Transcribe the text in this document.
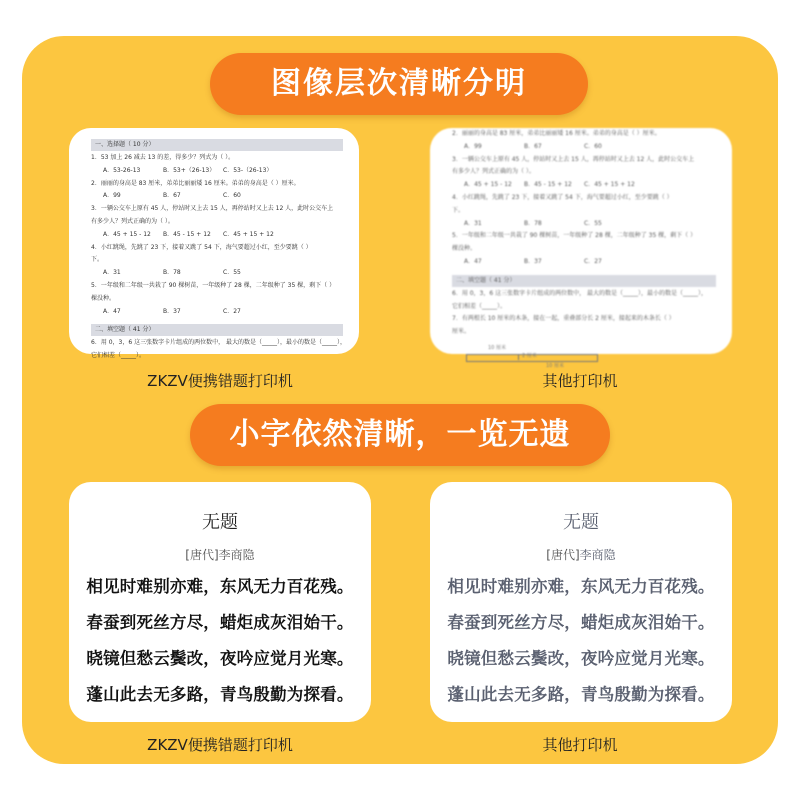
图像层次清晰分明
一、选择题（ 10 分）
1．53 加上 26 减去 13 的差，得多少？列式为（ ）。
A．53-26-13	B．53+（26-13）	C．53-（26-13）
2．丽丽的身高是 83 厘米，弟弟比丽丽矮 16 厘米。弟弟的身高是（ ）厘米。
A．99	B．67	C．60
3．一辆公交车上原有 45 人，停站时又上去 15 人，再停站时又上去 12 人，此时公交车上
有多少人？列式正确的为（ ）。
A．45 + 15 - 12	B．45 - 15 + 12	C．45 + 15 + 12
4．小红跳绳，先跳了 23 下，接着又跳了 54 下，海气要超过小红，至少要跳（ ）
下。
A．31	B．78	C．55
5．一年级和二年级一共栽了 90 棵树苗，一年级种了 28 棵，二年级种了 35 棵，剩下（ ）
棵没种。
A．47	B．37	C．27
二、填空题（ 41 分）
6．用 0，3，6 这三张数字卡片组成的两位数中， 最大的数是（_____），最小的数是（_____），
它们相差（_____）。
2．丽丽的身高是 83 厘米，弟弟比丽丽矮 16 厘米。弟弟的身高是（ ）厘米。
A．99	B．67	C．60
3．一辆公交车上原有 45 人，停站时又上去 15 人，再停站时又上去 12 人，此时公交车上
有多少人？列式正确的为（ ）。
A．45 + 15 - 12	B．45 - 15 + 12	C．45 + 15 + 12
4．小红跳绳，先跳了 23 下，接着又跳了 54 下，海气要超过小红，至少要跳（ ）
下。
A．31	B．78	C．55
5．一年级和二年级一共栽了 90 棵树苗，一年级种了 28 棵，二年级种了 35 棵，剩下（ ）
棵没种。
A．47	B．37	C．27
二、填空题（ 41 分）
6．用 0，3，6 这三张数字卡片组成的两位数中， 最大的数是（_____），最小的数是（_____），
它们相差（_____）。
7．有两根长 10 厘米的木条，接在一起，重叠部分长 2 厘米，接起来的木条长（ ）
厘米。
10 厘米
2 厘米
10 厘米
ZKZV便携错题打印机	其他打印机
小字依然清晰，一览无遗
无题
[唐代]李商隐
相见时难别亦难，东风无力百花残。
春蚕到死丝方尽，蜡炬成灰泪始干。
晓镜但愁云鬓改，夜吟应觉月光寒。
蓬山此去无多路，青鸟殷勤为探看。
无题
[唐代]李商隐
相见时难别亦难，东风无力百花残。
春蚕到死丝方尽，蜡炬成灰泪始干。
晓镜但愁云鬓改，夜吟应觉月光寒。
蓬山此去无多路，青鸟殷勤为探看。
ZKZV便携错题打印机	其他打印机
